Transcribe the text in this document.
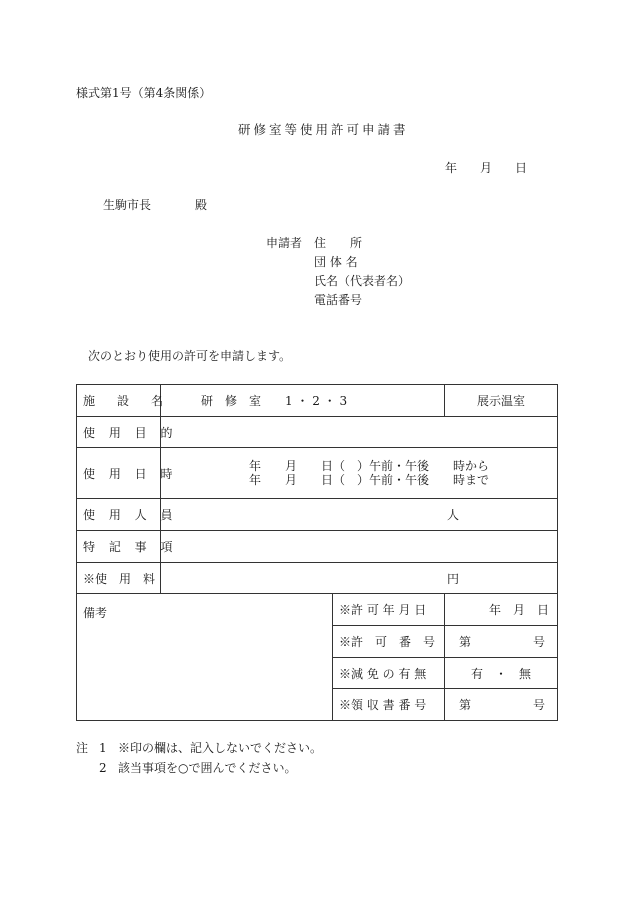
様式第1号（第4条関係）
研修室等使用許可申請書
年 月 日
生駒市長	殿
申請者 住　　所
団 体 名
氏名（代表者名）
電話番号
次のとおり使用の許可を申請します。
施　設　名	研　修　室　　1 ・ 2 ・ 3		展示温室
使 用 目 的			
使 用 日 時	年　　月　　日（　）午前・午後　　時から
年　　月　　日（　）午前・午後　　時まで		

使 用 人 員	人		
特 記 事 項			
※使　用　料	円		
備考		※許 可 年 月 日	年　月　日
		※許　可　番　号	第 号

		※減 免 の 有 無	有　・　無
		※領 収 書 番 号	第 号
注 1 ※印の欄は、記入しないでください。
2 該当事項を○で囲んでください。
